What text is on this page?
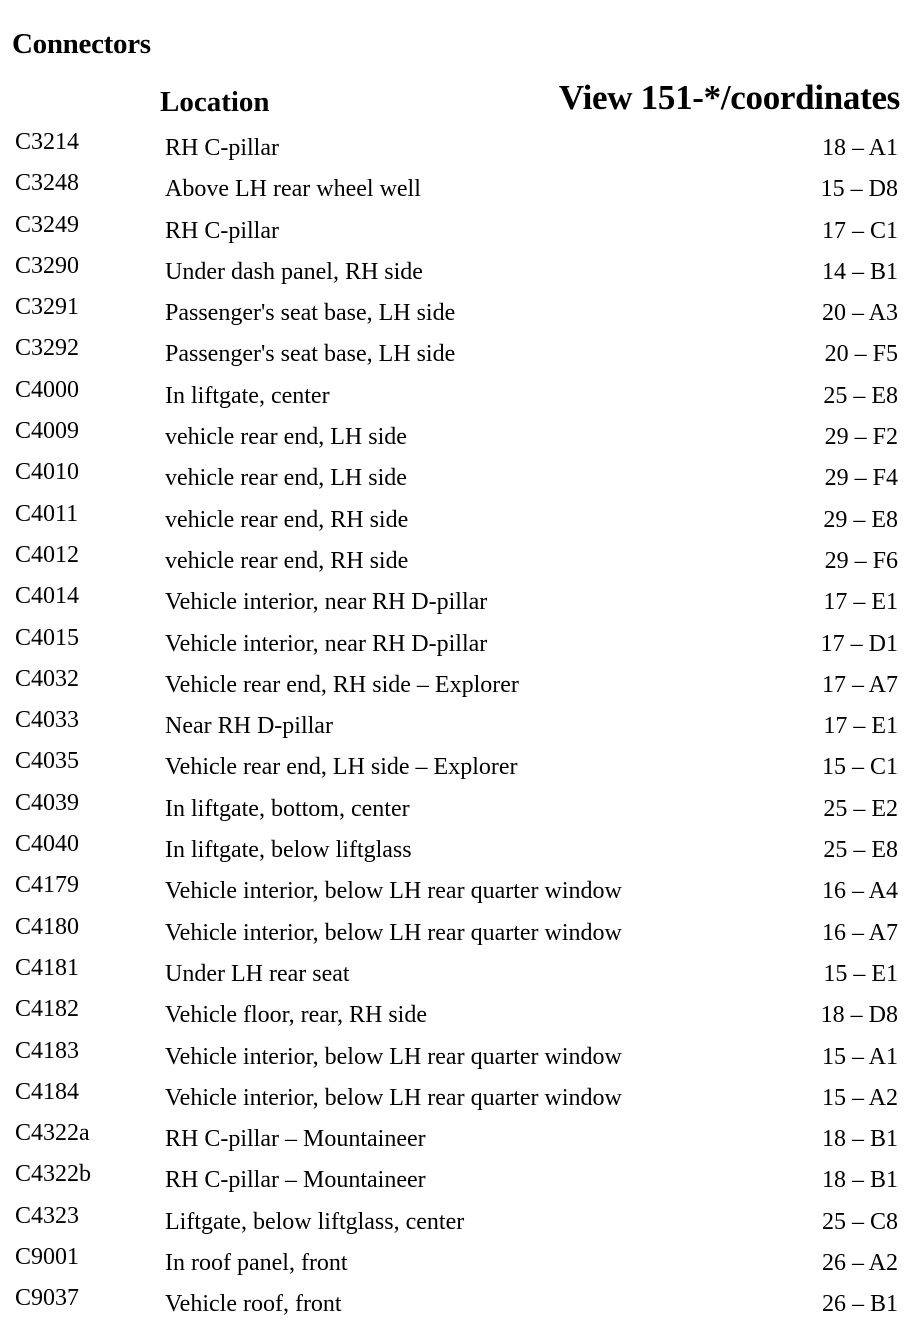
Connectors
Location	View 151-*/coordinates
C3214	RH C-pillar .....	18 – A1
C3248	Above LH rear wheel well .....	15 – D8
C3249	RH C-pillar .....	17 – C1
C3290	Under dash panel, RH side .....	14 – B1
C3291	Passenger's seat base, LH side .....	20 – A3
C3292	Passenger's seat base, LH side .....	20 – F5
C4000	In liftgate, center .....	25 – E8
C4009	vehicle rear end, LH side .....	29 – F2
C4010	vehicle rear end, LH side .....	29 – F4
C4011	vehicle rear end, RH side .....	29 – E8
C4012	vehicle rear end, RH side .....	29 – F6
C4014	Vehicle interior, near RH D-pillar .....	17 – E1
C4015	Vehicle interior, near RH D-pillar .....	17 – D1
C4032	Vehicle rear end, RH side – Explorer .....	17 – A7
C4033	Near RH D-pillar .....	17 – E1
C4035	Vehicle rear end, LH side – Explorer .....	15 – C1
C4039	In liftgate, bottom, center .....	25 – E2
C4040	In liftgate, below liftglass .....	25 – E8
C4179	Vehicle interior, below LH rear quarter window .....	16 – A4
C4180	Vehicle interior, below LH rear quarter window .....	16 – A7
C4181	Under LH rear seat .....	15 – E1
C4182	Vehicle floor, rear, RH side .....	18 – D8
C4183	Vehicle interior, below LH rear quarter window .....	15 – A1
C4184	Vehicle interior, below LH rear quarter window .....	15 – A2
C4322a	RH C-pillar – Mountaineer .....	18 – B1
C4322b	RH C-pillar – Mountaineer .....	18 – B1
C4323	Liftgate, below liftglass, center .....	25 – C8
C9001	In roof panel, front .....	26 – A2
C9037	Vehicle roof, front .....	26 – B1
